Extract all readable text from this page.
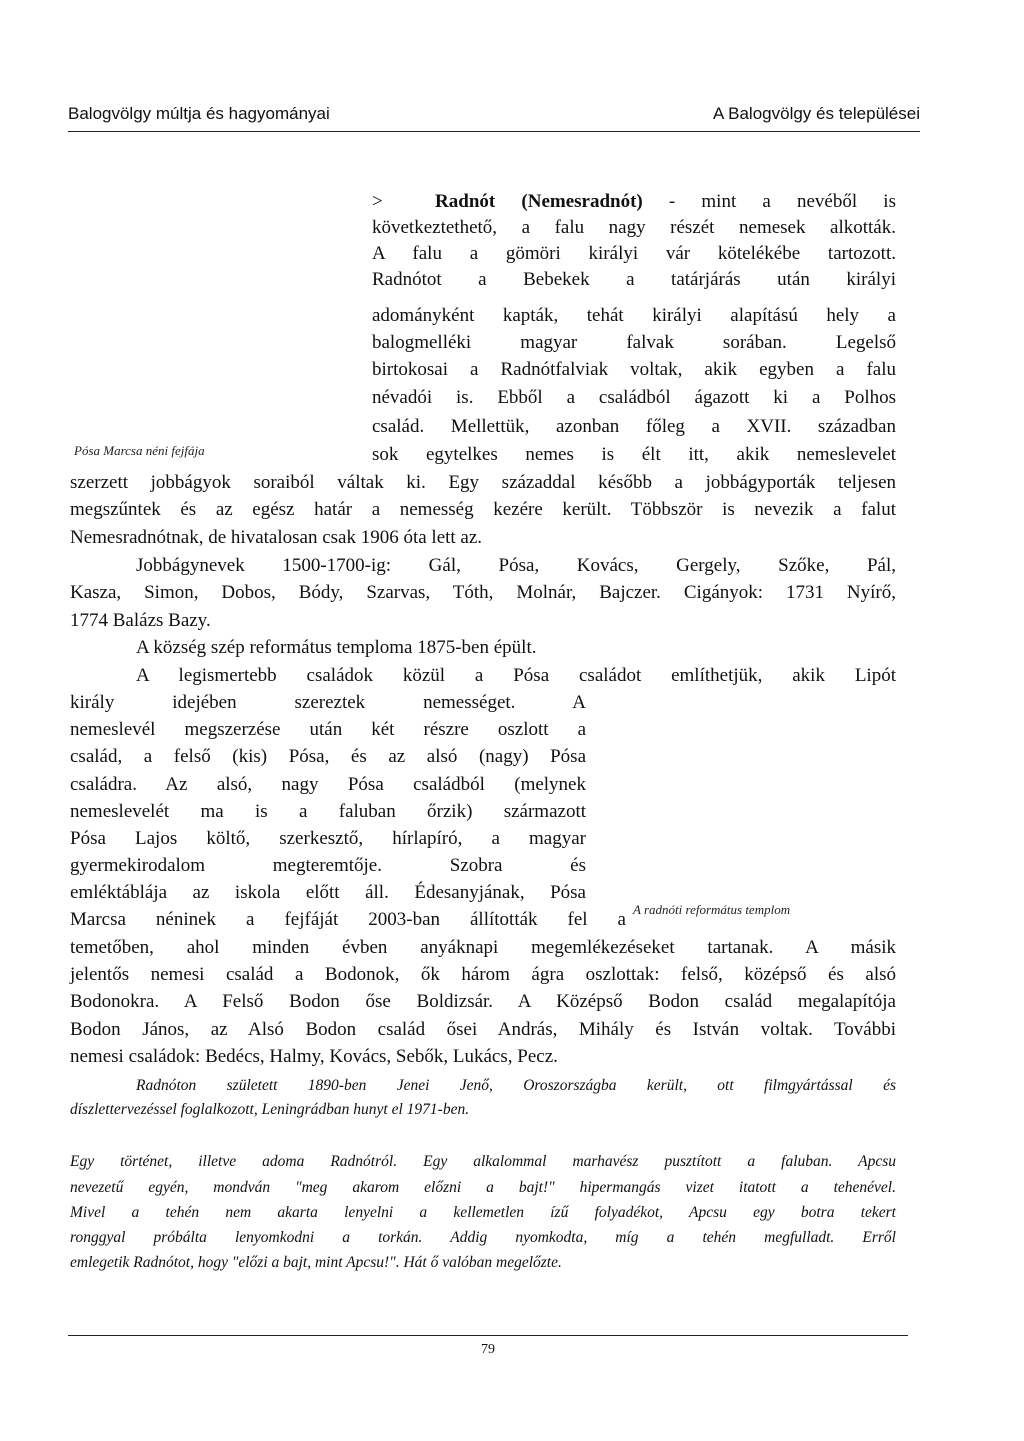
Balogvölgy múltja és hagyományai	A Balogvölgy és települései
>	Radnót (Nemesradnót) - mint a nevéből is
következtethető, a falu nagy részét nemesek alkották.
A falu a gömöri királyi vár kötelékébe tartozott.
Radnótot a Bebekek a tatárjárás után királyi
adományként kapták, tehát királyi alapítású hely a
balogmelléki magyar falvak sorában. Legelső
birtokosai a Radnótfalviak voltak, akik egyben a falu
névadói is. Ebből a családból ágazott ki a Polhos
család. Mellettük, azonban főleg a XVII. században
sok egytelkes nemes is élt itt, akik nemeslevelet
Pósa Marcsa néni fejfája
szerzett jobbágyok soraiból váltak ki. Egy századdal később a jobbágyporták teljesen
megszűntek és az egész határ a nemesség kezére került. Többször is nevezik a falut
Nemesradnótnak, de hivatalosan csak 1906 óta lett az.
Jobbágynevek 1500-1700-ig: Gál, Pósa, Kovács, Gergely, Szőke, Pál,
Kasza, Simon, Dobos, Bódy, Szarvas, Tóth, Molnár, Bajczer. Cigányok: 1731 Nyírő,
1774 Balázs Bazy.
A község szép református temploma 1875-ben épült.
A legismertebb családok közül a Pósa családot említhetjük, akik Lipót
király idejében szereztek nemességet. A
nemeslevél megszerzése után két részre oszlott a
család, a felső (kis) Pósa, és az alsó (nagy) Pósa
családra. Az alsó, nagy Pósa családból (melynek
nemeslevelét ma is a faluban őrzik) származott
Pósa Lajos költő, szerkesztő, hírlapíró, a magyar
gyermekirodalom megteremtője. Szobra és
emléktáblája az iskola előtt áll. Édesanyjának, Pósa
Marcsa néninek a fejfáját 2003-ban állították fel a A radnóti református templom
temetőben, ahol minden évben anyáknapi megemlékezéseket tartanak. A másik
jelentős nemesi család a Bodonok, ők három ágra oszlottak: felső, középső és alsó
Bodonokra. A Felső Bodon őse Boldizsár. A Középső Bodon család megalapítója
Bodon János, az Alsó Bodon család ősei András, Mihály és István voltak. További
nemesi családok: Bedécs, Halmy, Kovács, Sebők, Lukács, Pecz.
Radnóton született 1890-ben Jenei Jenő, Oroszországba került, ott filmgyártással és
díszlettervezéssel foglalkozott, Leningrádban hunyt el 1971-ben.
Egy történet, illetve adoma Radnótról. Egy alkalommal marhavész pusztított a faluban. Apcsu
nevezetű egyén, mondván "meg akarom előzni a bajt!" hipermangás vizet itatott a tehenével.
Mivel a tehén nem akarta lenyelni a kellemetlen ízű folyadékot, Apcsu egy botra tekert
ronggyal próbálta lenyomkodni a torkán. Addig nyomkodta, míg a tehén megfulladt. Erről
emlegetik Radnótot, hogy "előzi a bajt, mint Apcsu!". Hát ő valóban megelőzte.
79
